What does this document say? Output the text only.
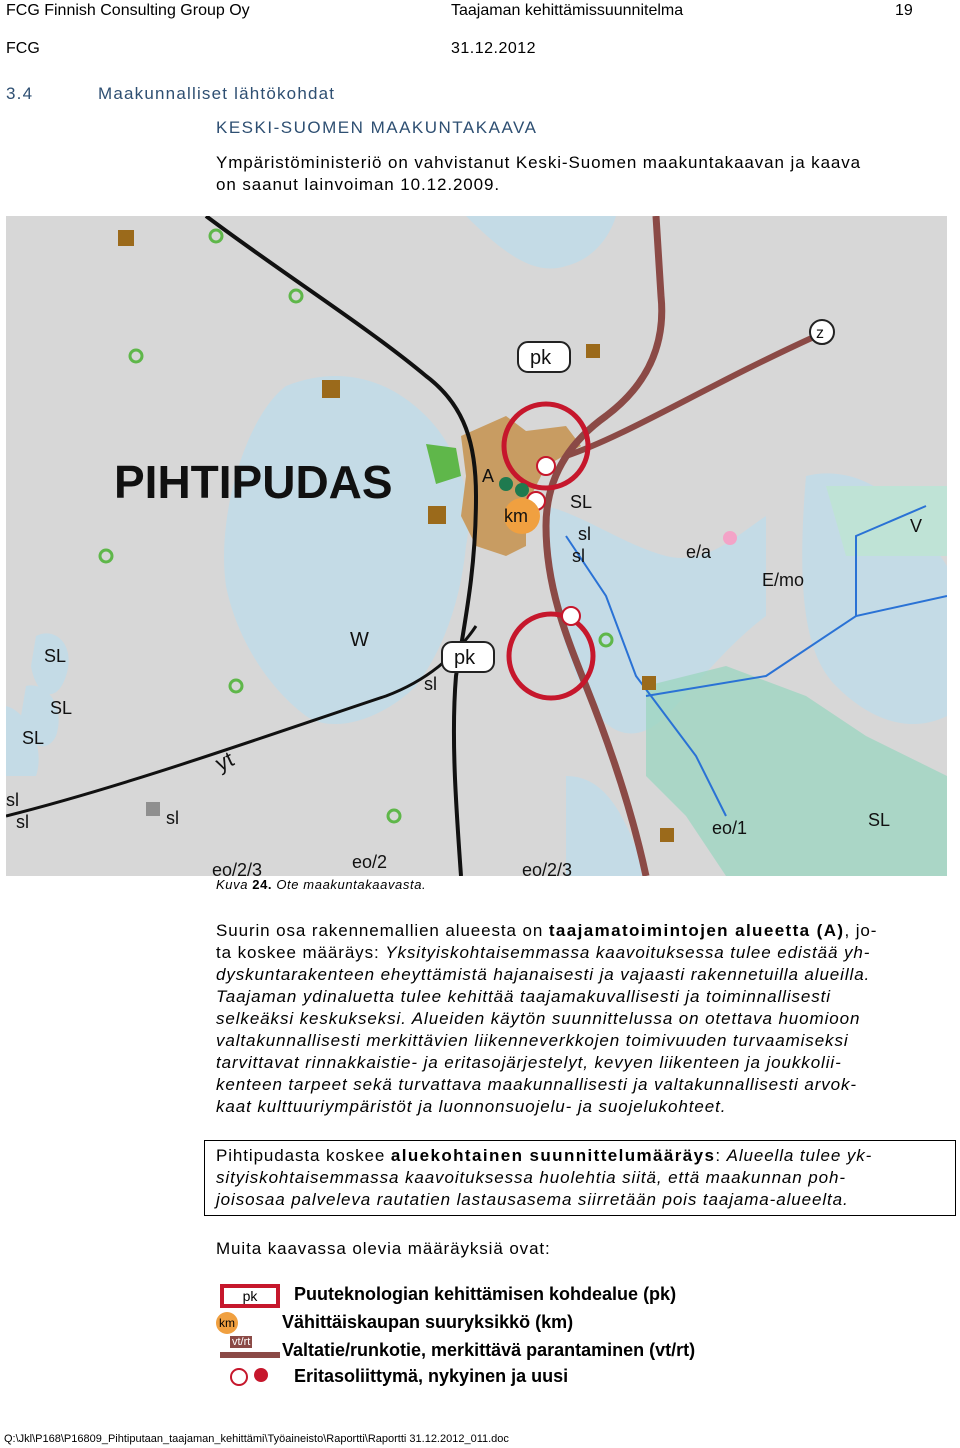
FCG Finnish Consulting Group Oy	Taajaman kehittämissuunnitelma	19
FCG	31.12.2012
3.4	Maakunnalliset lähtökohdat
KESKI-SUOMEN MAAKUNTAKAAVA
Ympäristöministeriö on vahvistanut Keski-Suomen maakuntakaavan ja kaava
on saanut lainvoiman 10.12.2009.
PIHTIPUDAS
pk
pk
z
A
km
SL
sl
sl	e/a
E/mo
V
W
SL
SL
SL
sl
yt
sl
sl	sl
eo/2
eo/2/3	eo/2/3
eo/1	SL
Kuva 24. Ote maakuntakaavasta.
Suurin osa rakennemallien alueesta on taajamatoimintojen alueetta (A), jo-
ta koskee määräys: Yksityiskohtaisemmassa kaavoituksessa tulee edistää yh-
dyskuntarakenteen eheyttämistä hajanaisesti ja vajaasti rakennetuilla alueilla.
Taajaman ydinaluetta tulee kehittää taajamakuvallisesti ja toiminnallisesti
selkeäksi keskukseksi. Alueiden käytön suunnittelussa on otettava huomioon
valtakunnallisesti merkittävien liikenneverkkojen toimivuuden turvaamiseksi
tarvittavat rinnakkaistie- ja eritasojärjestelyt, kevyen liikenteen ja joukkolii-
kenteen tarpeet sekä turvattava maakunnallisesti ja valtakunnallisesti arvok-
kaat kulttuuriympäristöt ja luonnonsuojelu- ja suojelukohteet.
Pihtipudasta koskee aluekohtainen suunnittelumääräys: Alueella tulee yk-
sityiskohtaisemmassa kaavoituksessa huolehtia siitä, että maakunnan poh-
joisosaa palveleva rautatien lastausasema siirretään pois taajama-alueelta.
Muita kaavassa olevia määräyksiä ovat:
pk	Puuteknologian kehittämisen kohdealue (pk)
km	Vähittäiskaupan suuryksikkö (km)
vt/rt Valtatie/runkotie, merkittävä parantaminen (vt/rt)
Eritasoliittymä, nykyinen ja uusi
Q:\Jkl\P168\P16809_Pihtiputaan_taajaman_kehittämi\Työaineisto\Raportti\Raportti 31.12.2012_011.doc
